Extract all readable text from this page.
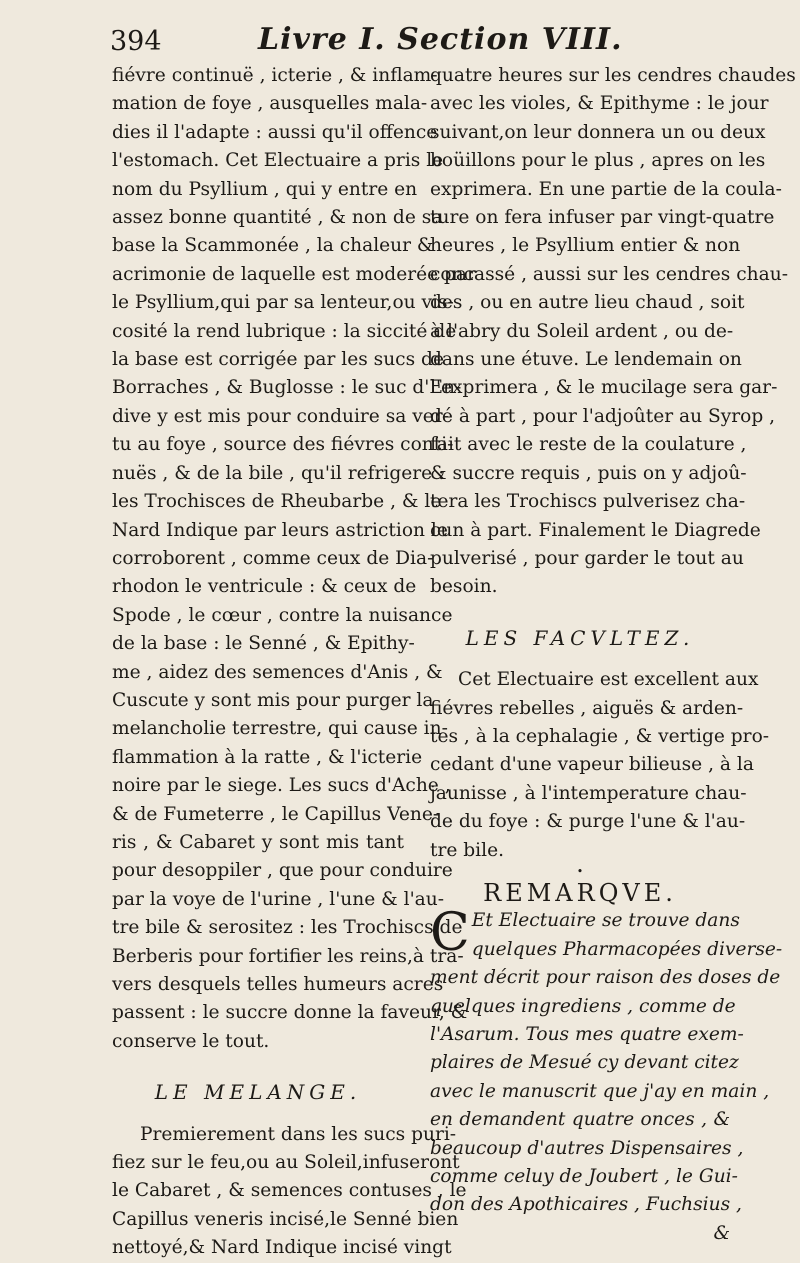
394	Livre I. Section VIII.
fiévre continuë , icterie , & inflam-
mation de foye , ausquelles mala-
dies il l'adapte : aussi qu'il offence
l'estomach. Cet Electuaire a pris le
nom du Psyllium , qui y entre en
assez bonne quantité , & non de sa
base la Scammonée , la chaleur &
acrimonie de laquelle est moderée par
le Psyllium,qui par sa lenteur,ou vis-
cosité la rend lubrique : la siccité de
la base est corrigée par les sucs de
Borraches , & Buglosse : le suc d'En-
dive y est mis pour conduire sa ver-
tu au foye , source des fiévres conti-
nuës , & de la bile , qu'il refrigere :
les Trochisces de Rheubarbe , & le
Nard Indique par leurs astriction le
corroborent , comme ceux de Dia-
rhodon le ventricule : & ceux de
Spode , le cœur , contre la nuisance
de la base : le Senné , & Epithy-
me , aidez des semences d'Anis , &
Cuscute y sont mis pour purger la
melancholie terrestre, qui cause in-
flammation à la ratte , & l'icterie
noire par le siege. Les sucs d'Ache ,
& de Fumeterre , le Capillus Vene-
ris , & Cabaret y sont mis tant
pour desoppiler , que pour conduire
par la voye de l'urine , l'une & l'au-
tre bile & serositez : les Trochiscs de
Berberis pour fortifier les reins,à tra-
vers desquels telles humeurs acres
passent : le succre donne la faveur, &
conserve le tout.
LE MELANGE.
Premierement dans les sucs puri-
fiez sur le feu,ou au Soleil,infuseront
le Cabaret , & semences contuses , le
Capillus veneris incisé,le Senné bien
nettoyé,& Nard Indique incisé vingt
quatre heures sur les cendres chaudes
avec les violes, & Epithyme : le jour
suivant,on leur donnera un ou deux
boüillons pour le plus , apres on les
exprimera. En une partie de la coula-
ture on fera infuser par vingt-quatre
heures , le Psyllium entier & non
concassé , aussi sur les cendres chau-
des , ou en autre lieu chaud , soit
à l'abry du Soleil ardent , ou de-
dans une étuve. Le lendemain on
l'exprimera , & le mucilage sera gar-
dé à part , pour l'adjoûter au Syrop ,
fait avec le reste de la coulature ,
& succre requis , puis on y adjoû-
tera les Trochiscs pulverisez cha-
cun à part. Finalement le Diagrede
pulverisé , pour garder le tout au
besoin.
LES FACVLTEZ.
Cet Electuaire est excellent aux
fiévres rebelles , aiguës & arden-
tes , à la cephalagie , & vertige pro-
cedant d'une vapeur bilieuse , à la
jaunisse , à l'intemperature chau-
de du foye : & purge l'une & l'au-
tre bile.
•
REMARQVE.
C Et Electuaire se trouve dans
quelques Pharmacopées diverse-
ment décrit pour raison des doses de
quelques ingrediens , comme de
l'Asarum. Tous mes quatre exem-
plaires de Mesué cy devant citez
avec le manuscrit que j'ay en main ,
en demandent quatre onces , &
beaucoup d'autres Dispensaires ,
comme celuy de Joubert , le Gui-
don des Apothicaires , Fuchsius ,
&
